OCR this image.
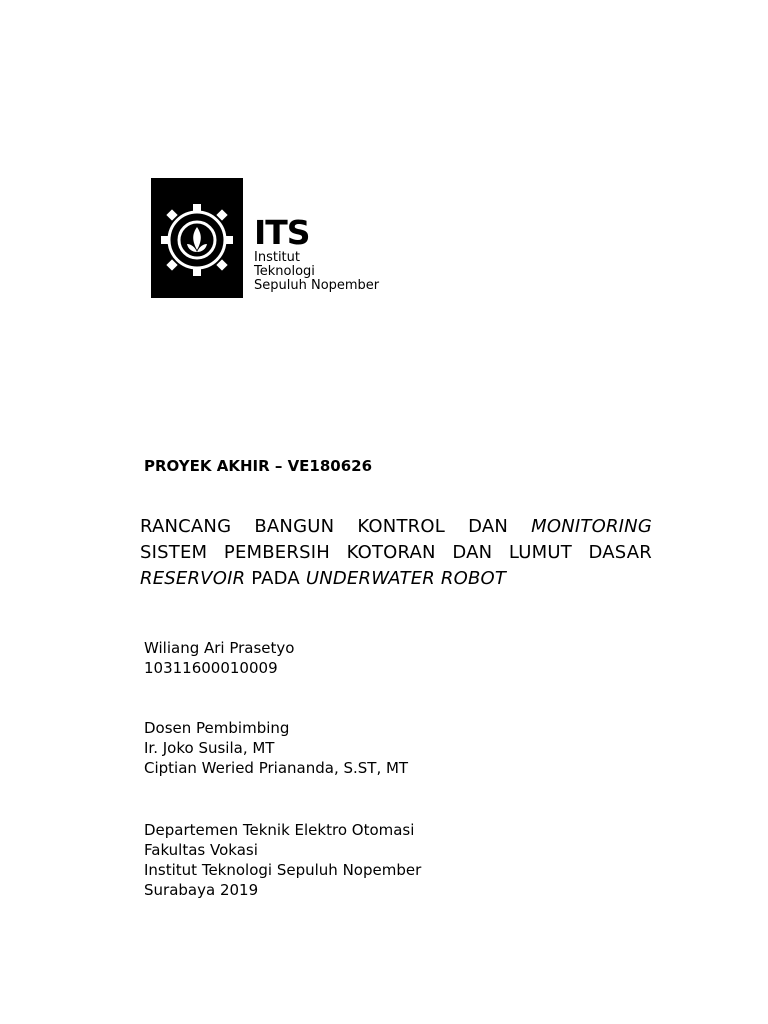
ITS
Institut
Teknologi
Sepuluh Nopember
PROYEK AKHIR – VE180626
RANCANG BANGUN KONTROL DAN MONITORING SISTEM PEMBERSIH KOTORAN DAN LUMUT DASAR RESERVOIR PADA UNDERWATER ROBOT
Wiliang Ari Prasetyo
10311600010009
Dosen Pembimbing
Ir. Joko Susila, MT
Ciptian Weried Priananda, S.ST, MT
Departemen Teknik Elektro Otomasi
Fakultas Vokasi
Institut Teknologi Sepuluh Nopember
Surabaya 2019
